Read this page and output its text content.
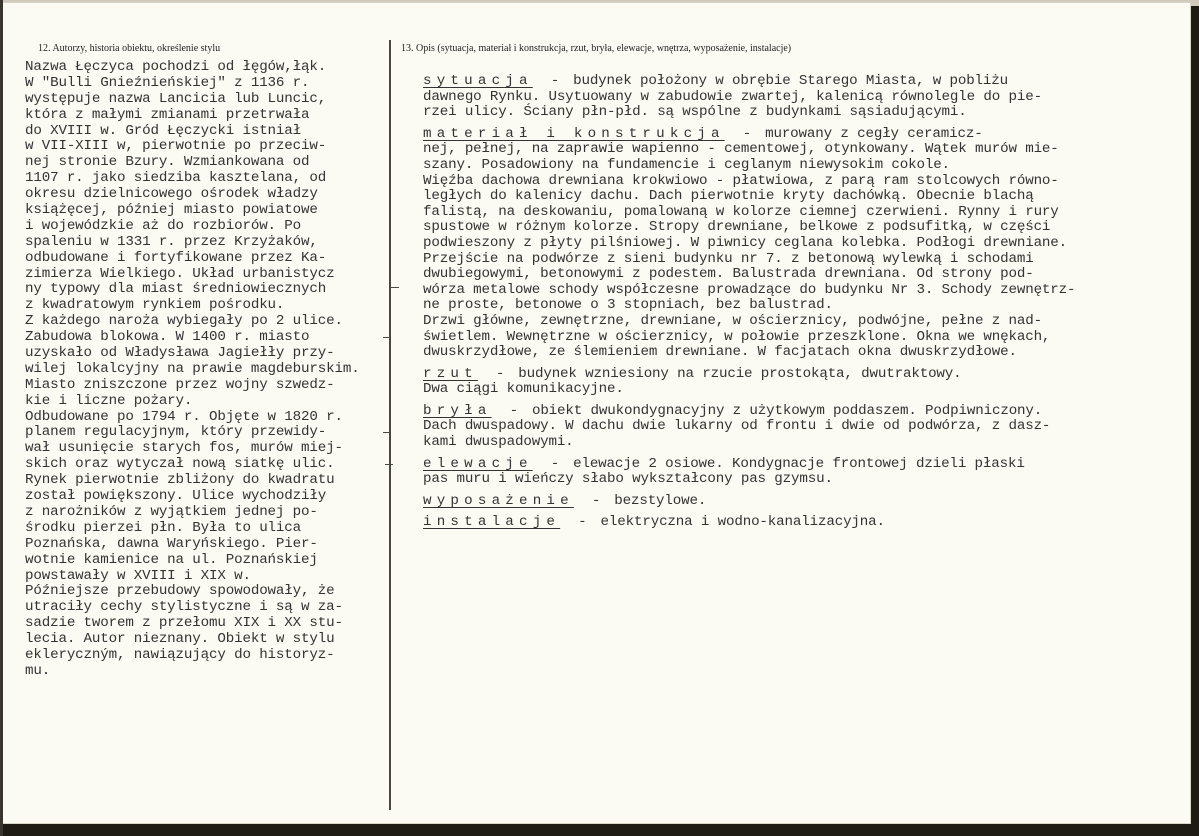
12. Autorzy, historia obiektu, określenie stylu	13. Opis (sytuacja, materiał i konstrukcja, rzut, bryła, elewacje, wnętrza, wyposażenie, instalacje)
Nazwa Łęczyca pochodzi od łęgów,łąk.
W "Bulli Gnieźnieńskiej" z 1136 r.
występuje nazwa Lancicia lub Luncic,
która z małymi zmianami przetrwała
do XVIII w. Gród Łęczycki istniał
w VII-XIII w, pierwotnie po przeciw-
nej stronie Bzury. Wzmiankowana od
1107 r. jako siedziba kasztelana, od
okresu dzielnicowego ośrodek władzy
książęcej, później miasto powiatowe
i wojewódzkie aż do rozbiorów. Po
spaleniu w 1331 r. przez Krzyżaków,
odbudowane i fortyfikowane przez Ka-
zimierza Wielkiego. Układ urbanistycz
ny typowy dla miast średniowiecznych
z kwadratowym rynkiem pośrodku.
Z każdego naroża wybiegały po 2 ulice.
Zabudowa blokowa. W 1400 r. miasto
uzyskało od Władysława Jagiełły przy-
wilej lokalcyjny na prawie magdeburskim.
Miasto zniszczone przez wojny szwedz-
kie i liczne pożary.
Odbudowane po 1794 r. Objęte w 1820 r.
planem regulacyjnym, który przewidy-
wał usunięcie starych fos, murów miej-
skich oraz wytyczał nową siatkę ulic.
Rynek pierwotnie zbliżony do kwadratu
został powiększony. Ulice wychodziły
z narożników z wyjątkiem jednej po-
środku pierzei płn. Była to ulica
Poznańska, dawna Waryńskiego. Pier-
wotnie kamienice na ul. Poznańskiej
powstawały w XVIII i XIX w.
Późniejsze przebudowy spowodowały, że
utraciły cechy stylistyczne i są w za-
sadzie tworem z przełomu XIX i XX stu-
lecia. Autor nieznany. Obiekt w stylu
ekleryczným, nawiązujący do historyz-
mu.
sytuacja - budynek położony w obrębie Starego Miasta, w pobliżu
dawnego Rynku. Usytuowany w zabudowie zwartej, kalenicą równolegle do pie-
rzei ulicy. Ściany płn-płd. są wspólne z budynkami sąsiadującymi.
materiał i konstrukcja - murowany z cegły ceramicz-
nej, pełnej, na zaprawie wapienno - cementowej, otynkowany. Wątek murów mie-
szany. Posadowiony na fundamencie i ceglanym niewysokim cokole.
Więźba dachowa drewniana krokwiowo - płatwiowa, z parą ram stolcowych równo-
ległych do kalenicy dachu. Dach pierwotnie kryty dachówką. Obecnie blachą
falistą, na deskowaniu, pomalowaną w kolorze ciemnej czerwieni. Rynny i rury
spustowe w różnym kolorze. Stropy drewniane, belkowe z podsufitką, w części
podwieszony z płyty pilśniowej. W piwnicy ceglana kolebka. Podłogi drewniane.
Przejście na podwórze z sieni budynku nr 7. z betonową wylewką i schodami
dwubiegowymi, betonowymi z podestem. Balustrada drewniana. Od strony pod-
wórza metalowe schody współczesne prowadzące do budynku Nr 3. Schody zewnętrz-
ne proste, betonowe o 3 stopniach, bez balustrad.
Drzwi główne, zewnętrzne, drewniane, w ościerznicy, podwójne, pełne z nad-
świetlem. Wewnętrzne w ościerznicy, w połowie przeszklone. Okna we wnękach,
dwuskrzydłowe, ze ślemieniem drewniane. W facjatach okna dwuskrzydłowe.
rzut - budynek wzniesiony na rzucie prostokąta, dwutraktowy.
Dwa ciągi komunikacyjne.
bryła - obiekt dwukondygnacyjny z użytkowym poddaszem. Podpiwniczony.
Dach dwuspadowy. W dachu dwie lukarny od frontu i dwie od podwórza, z dasz-
kami dwuspadowymi.
elewacje - elewacje 2 osiowe. Kondygnacje frontowej dzieli płaski
pas muru i wieńczy słabo wykształcony pas gzymsu.
wyposażenie - bezstylowe.
instalacje - elektryczna i wodno-kanalizacyjna.
